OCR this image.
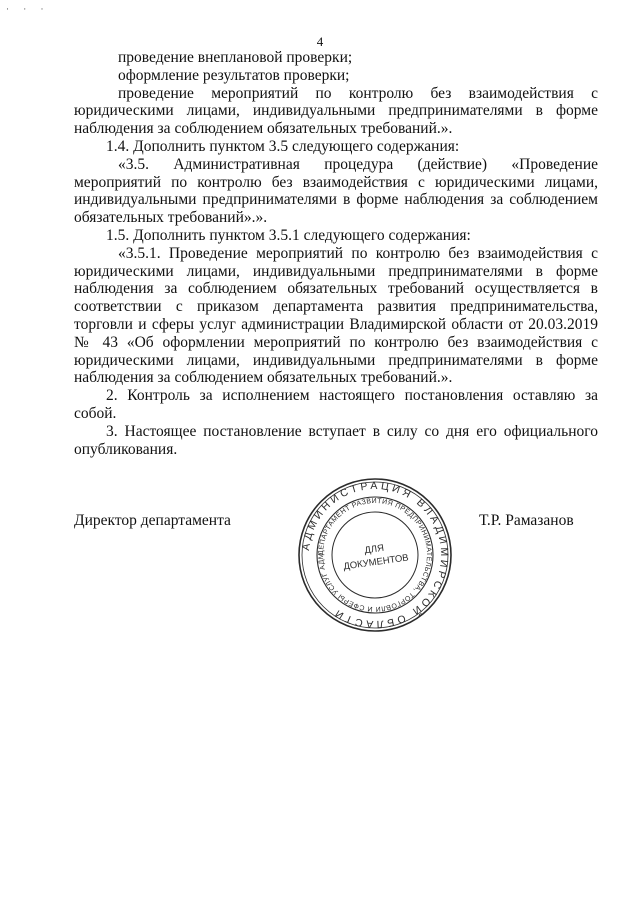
· · ·
4

проведение внеплановой проверки;

оформление результатов проверки;

проведение мероприятий по контролю без взаимодействия с юридическими лицами, индивидуальными предпринимателями в форме наблюдения за соблюдением обязательных требований.».

1.4. Дополнить пунктом 3.5 следующего содержания:

«3.5. Административная процедура (действие) «Проведение мероприятий по контролю без взаимодействия с юридическими лицами, индивидуальными предпринимателями в форме наблюдения за соблюдением обязательных требований».».

1.5. Дополнить пунктом 3.5.1 следующего содержания:

«3.5.1. Проведение мероприятий по контролю без взаимодействия с юридическими лицами, индивидуальными предпринимателями в форме наблюдения за соблюдением обязательных требований осуществляется в соответствии с приказом департамента развития предпринимательства, торговли и сферы услуг администрации Владимирской области от 20.03.2019 № 43 «Об оформлении мероприятий по контролю без взаимодействия с юридическими лицами, индивидуальными предпринимателями в форме наблюдения за соблюдением обязательных требований.».

2. Контроль за исполнением настоящего постановления оставляю за собой.

3. Настоящее постановление вступает в силу со дня его официального опубликования.

Директор департамента	Т.Р. Рамазанов
АДМИНИСТРАЦИЯ ВЛАДИМИРСКОЙ ОБЛАСТИ
ДЕПАРТАМЕНТ РАЗВИТИЯ ПРЕДПРИНИМАТЕЛЬСТВА, ТОРГОВЛИ И СФЕРЫ УСЛУГ АДМ	ДЛЯ
ДОКУМЕНТОВ
